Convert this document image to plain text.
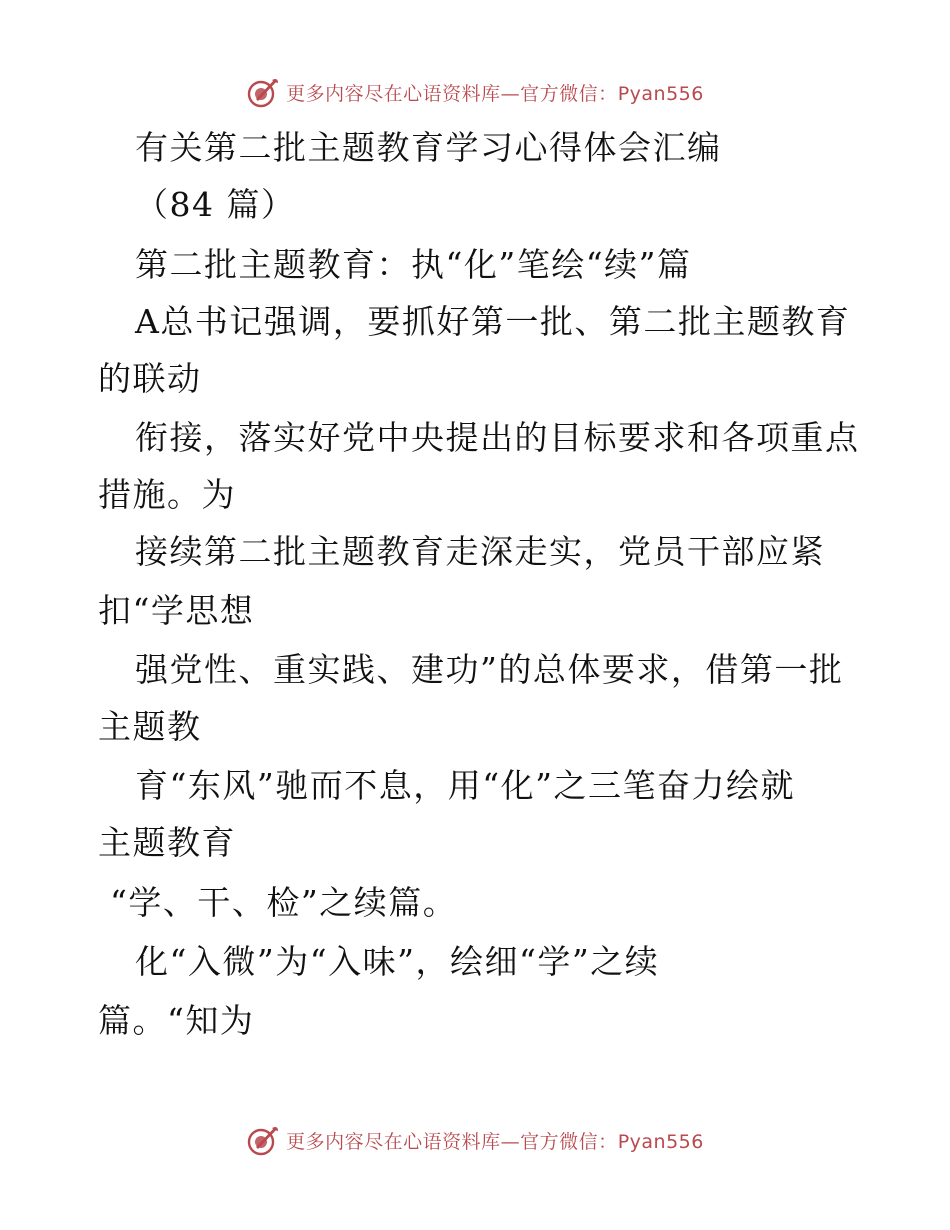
更多内容尽在心语资料库—官方微信：Pyan556
有关第二批主题教育学习心得体会汇编
（84 篇）
第二批主题教育：执“化”笔绘“续”篇
A总书记强调，要抓好第一批、第二批主题教育
的联动
衔接，落实好党中央提出的目标要求和各项重点
措施。为
接续第二批主题教育走深走实，党员干部应紧
扣“学思想
强党性、重实践、建功”的总体要求，借第一批
主题教
育“东风”驰而不息，用“化”之三笔奋力绘就
主题教育
“学、干、检”之续篇。
化“入微”为“入味”，绘细“学”之续
篇。“知为
更多内容尽在心语资料库—官方微信：Pyan556
